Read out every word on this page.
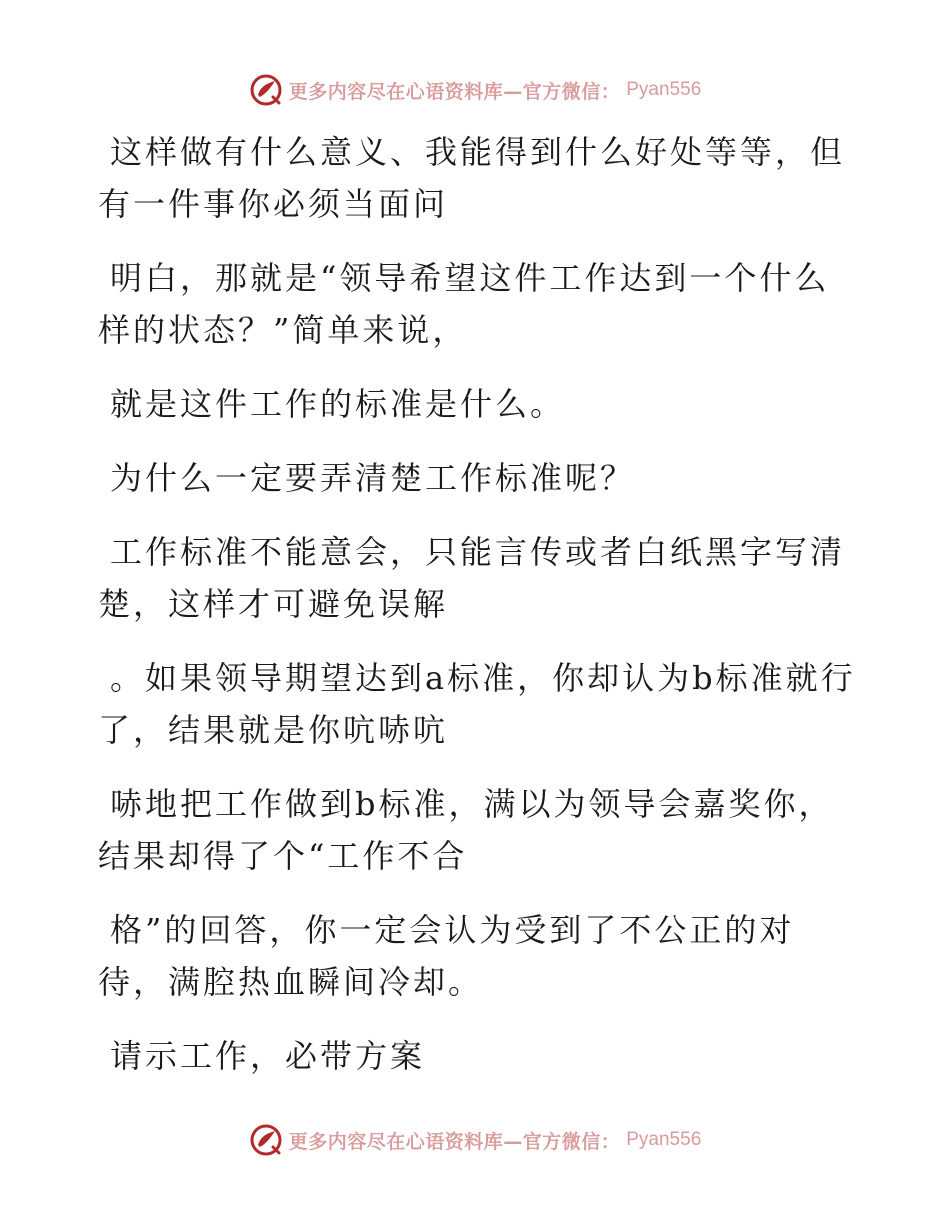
更多内容尽在心语资料库—官方微信： Pyan556

这样做有什么意义、我能得到什么好处等等，但
有一件事你必须当面问

明白，那就是“领导希望这件工作达到一个什么
样的状态？”简单来说，

就是这件工作的标准是什么。

为什么一定要弄清楚工作标准呢？

工作标准不能意会，只能言传或者白纸黑字写清
楚，这样才可避免误解

。如果领导期望达到a标准，你却认为b标准就行
了，结果就是你吭哧吭

哧地把工作做到b标准，满以为领导会嘉奖你，
结果却得了个“工作不合

格”的回答，你一定会认为受到了不公正的对
待，满腔热血瞬间冷却。

请示工作，必带方案

更多内容尽在心语资料库—官方微信： Pyan556
